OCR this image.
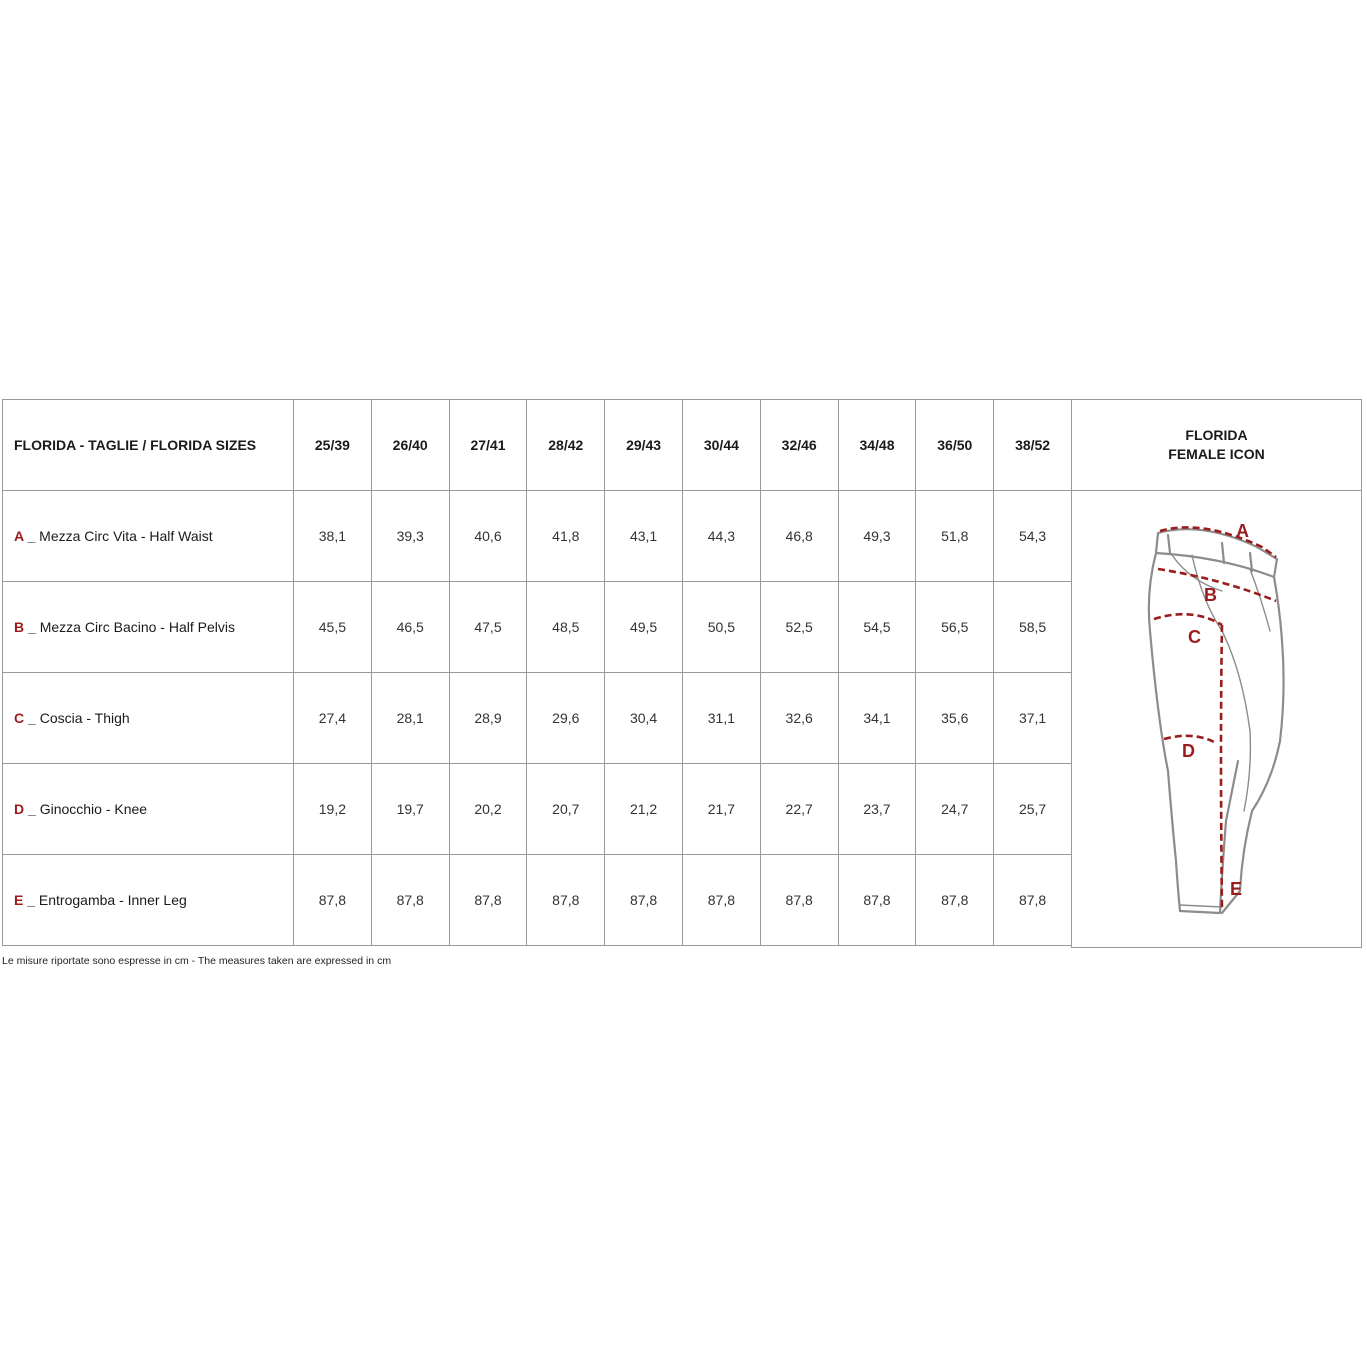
FLORIDA - TAGLIE / FLORIDA SIZES	25/39	26/40	27/41	28/42	29/43	30/44	32/46	34/48	36/50	38/52
A _ Mezza Circ Vita - Half Waist	38,1	39,3	40,6	41,8	43,1	44,3	46,8	49,3	51,8	54,3
B _ Mezza Circ Bacino - Half Pelvis	45,5	46,5	47,5	48,5	49,5	50,5	52,5	54,5	56,5	58,5
C _ Coscia - Thigh	27,4	28,1	28,9	29,6	30,4	31,1	32,6	34,1	35,6	37,1
D _ Ginocchio - Knee	19,2	19,7	20,2	20,7	21,2	21,7	22,7	23,7	24,7	25,7
E _ Entrogamba - Inner Leg	87,8	87,8	87,8	87,8	87,8	87,8	87,8	87,8	87,8	87,8
FLORIDA
FEMALE ICON
A
B
C
D
E
Le misure riportate sono espresse in cm - The measures taken are expressed in cm
